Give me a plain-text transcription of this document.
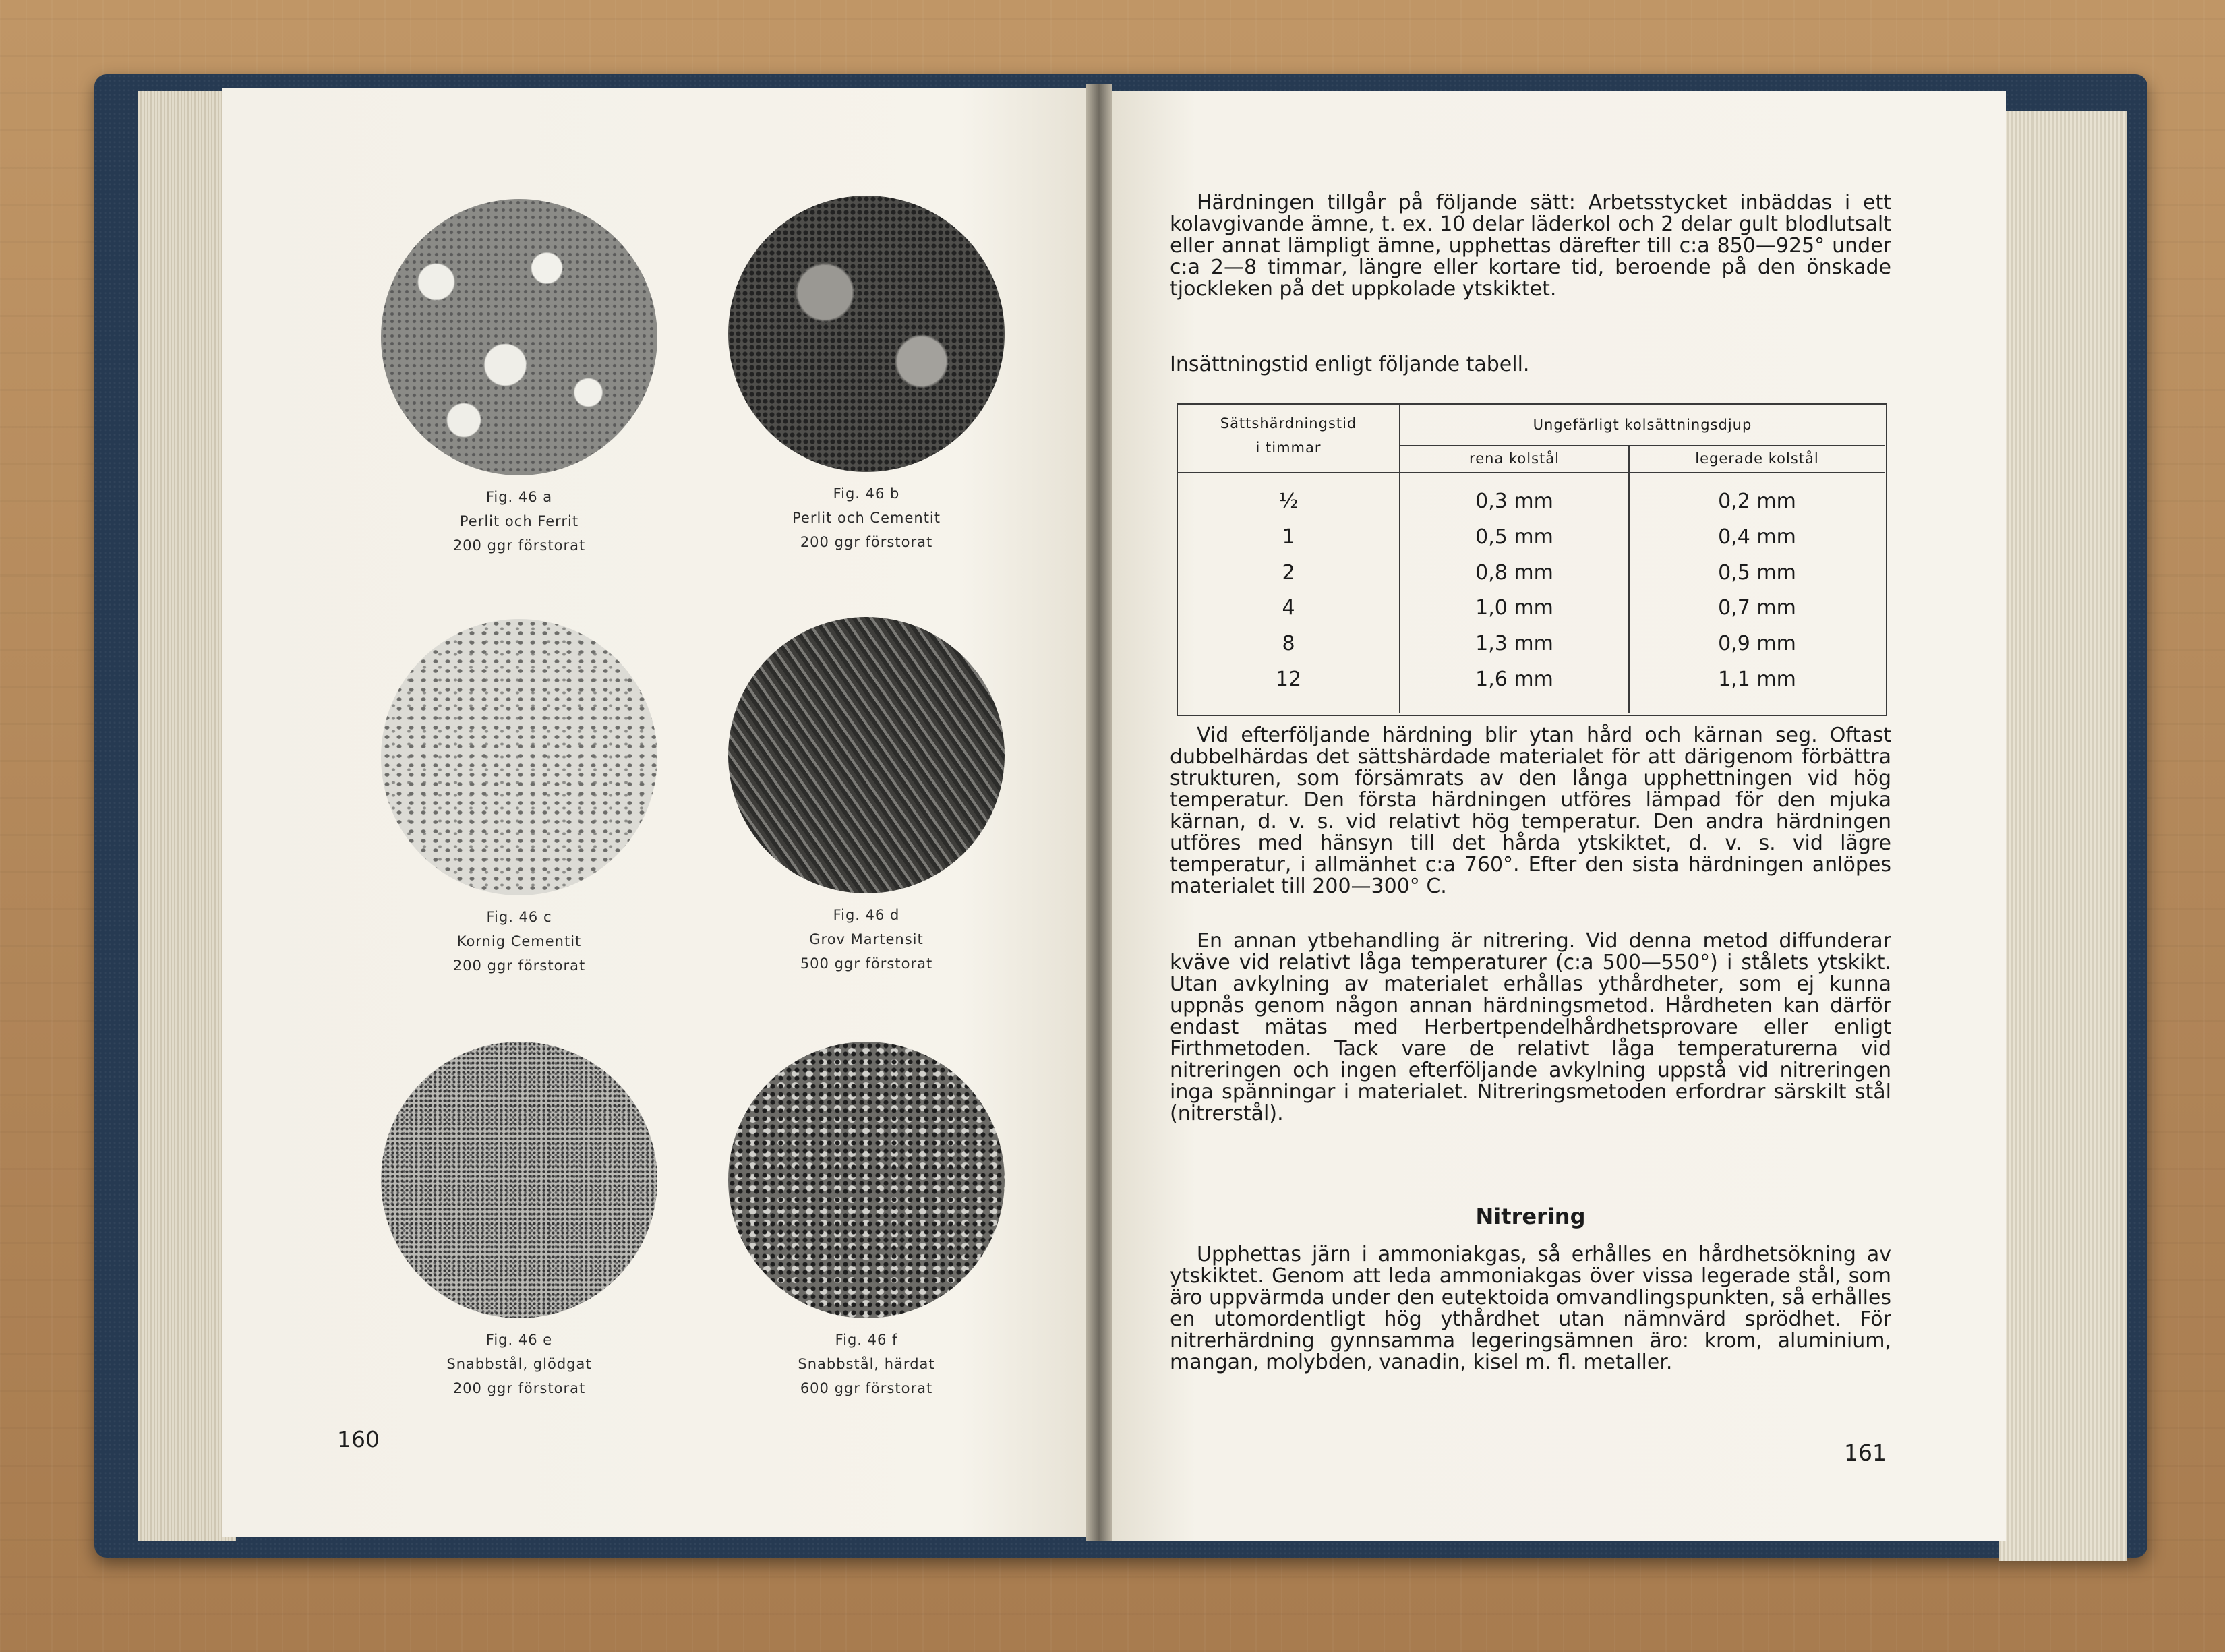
Fig. 46 a
Perlit och Ferrit
200 ggr förstorat
Fig. 46 b
Perlit och Cementit
200 ggr förstorat
Fig. 46 c
Kornig Cementit
200 ggr förstorat
Fig. 46 d
Grov Martensit
500 ggr förstorat
Fig. 46 e
Snabbstål, glödgat
200 ggr förstorat
Fig. 46 f
Snabbstål, härdat
600 ggr förstorat
160
Härdningen tillgår på följande sätt: Arbetsstycket inbäddas i ett kolavgivande ämne, t. ex. 10 delar läderkol och 2 delar gult blodlutsalt eller annat lämpligt ämne, upphettas därefter till c:a 850—925° under c:a 2—8 timmar, längre eller kortare tid, beroende på den önskade tjockleken på det uppkolade ytskiktet.
Insättningstid enligt följande tabell.
Sättshärdningstid
i timmar
Ungefärligt kolsättningsdjup
rena kolstål	legerade kolstål
½
1
2
4
8
12
0,3 mm
0,5 mm
0,8 mm
1,0 mm
1,3 mm
1,6 mm
0,2 mm
0,4 mm
0,5 mm
0,7 mm
0,9 mm
1,1 mm
Vid efterföljande härdning blir ytan hård och kärnan seg. Oftast dubbelhärdas det sättshärdade materialet för att därigenom förbättra strukturen, som försämrats av den långa upphettningen vid hög temperatur. Den första härdningen utföres lämpad för den mjuka kärnan, d. v. s. vid relativt hög temperatur. Den andra härdningen utföres med hänsyn till det hårda ytskiktet, d. v. s. vid lägre temperatur, i allmänhet c:a 760°. Efter den sista härdningen anlöpes materialet till 200—300° C.
En annan ytbehandling är nitrering. Vid denna metod diffunderar kväve vid relativt låga temperaturer (c:a 500—550°) i stålets ytskikt. Utan avkylning av materialet erhållas ythårdheter, som ej kunna uppnås genom någon annan härdningsmetod. Hårdheten kan därför endast mätas med Herbertpendelhårdhetsprovare eller enligt Firthmetoden. Tack vare de relativt låga temperaturerna vid nitreringen och ingen efterföljande avkylning uppstå vid nitreringen inga spänningar i materialet. Nitreringsmetoden erfordrar särskilt stål (nitrerstål).
Nitrering
Upphettas järn i ammoniakgas, så erhålles en hårdhetsökning av ytskiktet. Genom att leda ammoniakgas över vissa legerade stål, som äro uppvärmda under den eutektoida omvandlingspunkten, så erhålles en utomordentligt hög ythårdhet utan nämnvärd sprödhet. För nitrerhärdning gynnsamma legeringsämnen äro: krom, aluminium, mangan, molybden, vanadin, kisel m. fl. metaller.
161
